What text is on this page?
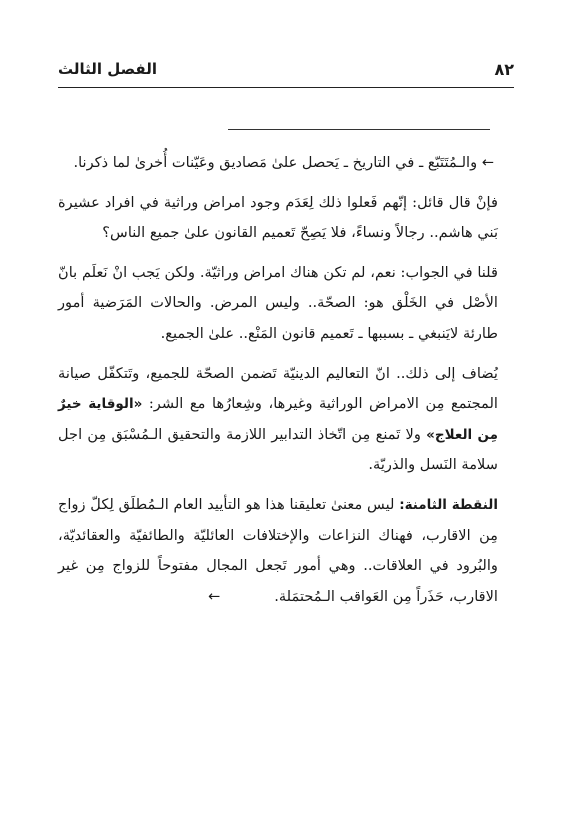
٨٢
الفصل الثالث

← والـمُتَتَبّع ـ في التاريخ ـ يَحصل علىٰ مَصاديق وعَيّنات أُخرىٰ لما ذكرنا.

فإنْ قال قائل: إنّهم فَعلوا ذلك لِعَدَم وجود امراض وراثية في افراد عشيرة بَني هاشم.. رجالاً ونساءً، فلا يَصِحّ تَعميم القانون علىٰ جميع الناس؟

قلنا في الجواب: نعم، لم تكن هناك امراض وراثيّة. ولكن يَجب انْ نَعلَم بانّ الأصْل في الخَلْق هو: الصحّة.. وليس المرض. والحالات المَرَضية أمور طارئة لايَنبغي ـ بسببها ـ تَعميم قانون المَنْع.. علىٰ الجميع.

يُضاف إلى ذلك.. انّ التعاليم الدينيّة تَضمن الصحّة للجميع، وتَتكفّل صيانة المجتمع مِن الامراض الوراثية وغيرها، وشِعارُها مع الشر: «الوقاية خيرٌ مِن العلاج» ولا تَمنع مِن اتّخاذ التدابير اللازمة والتحقيق الـمُسْبَق مِن اجل سلامة النَسل والذريّة.

النقطة الثامنة: ليس معنىٰ تعليقنا هذا هو التأييد العام الـمُطلَق لِكلّ زواج مِن الاقارب، فهناك النزاعات والإختلافات العائليّة والطائفيّة والعقائديّة، والبُرود في العلاقات.. وهي أمور تَجعل المجال مفتوحاً للزواج مِن غير الاقارب، حَذَراً مِن العَواقب الـمُحتمَلة.←
